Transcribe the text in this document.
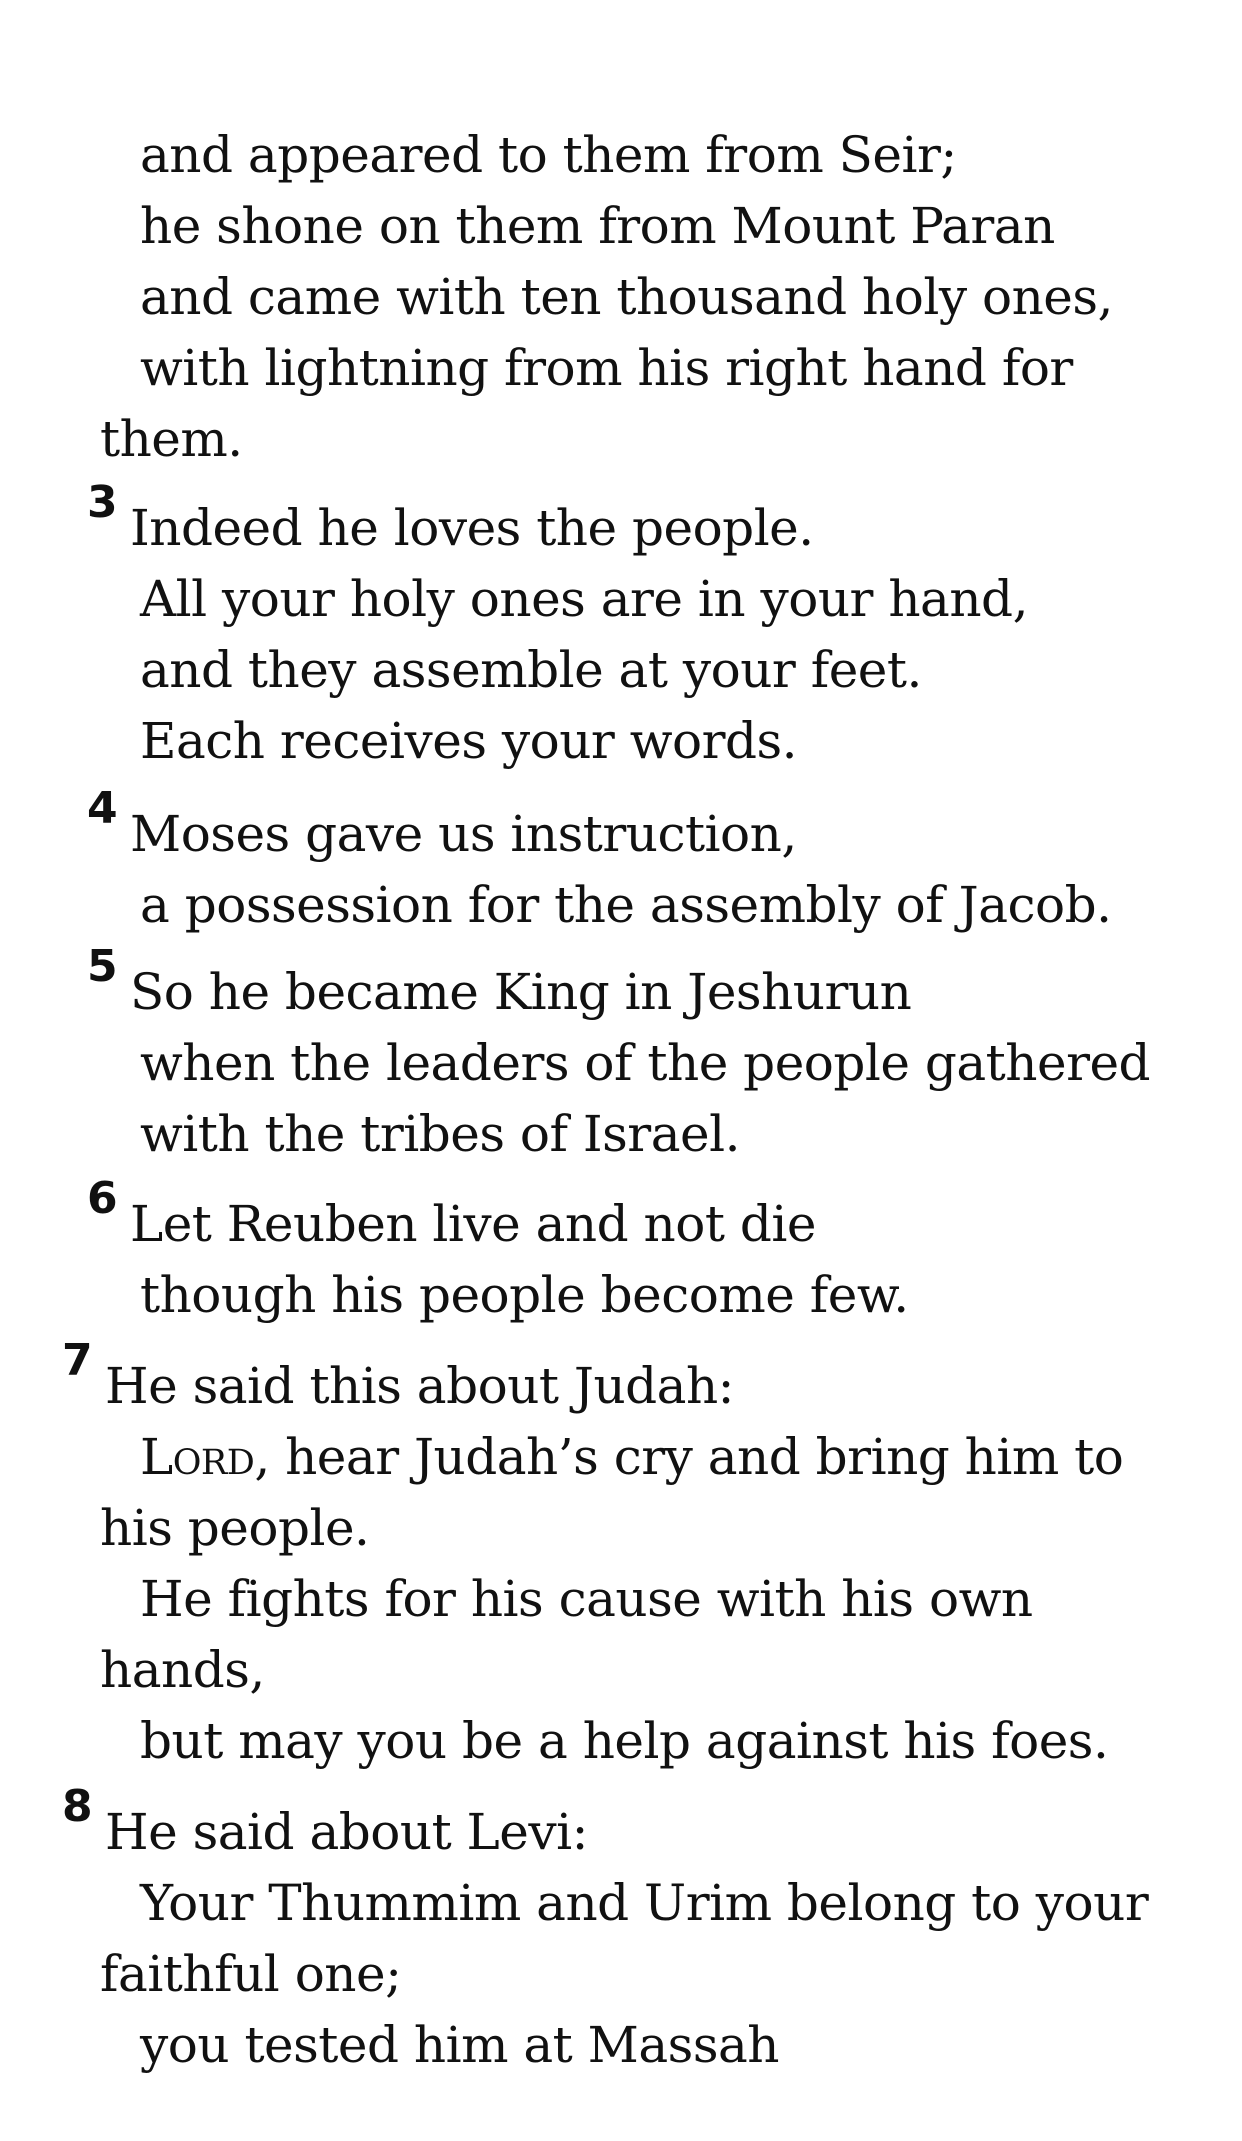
and appeared to them from Seir;
he shone on them from Mount Paran
and came with ten thousand holy ones,
with lightning from his right hand for
them.
3 Indeed he loves the people.
All your holy ones are in your hand,
and they assemble at your feet.
Each receives your words.
4 Moses gave us instruction,
a possession for the assembly of Jacob.
5 So he became King in Jeshurun
when the leaders of the people gathered
with the tribes of Israel.
6 Let Reuben live and not die
though his people become few.
7 He said this about Judah:
Lord, hear Judah’s cry and bring him to
his people.
He fights for his cause with his own
hands,
but may you be a help against his foes.
8 He said about Levi:
Your Thummim and Urim belong to your
faithful one;
you tested him at Massah
